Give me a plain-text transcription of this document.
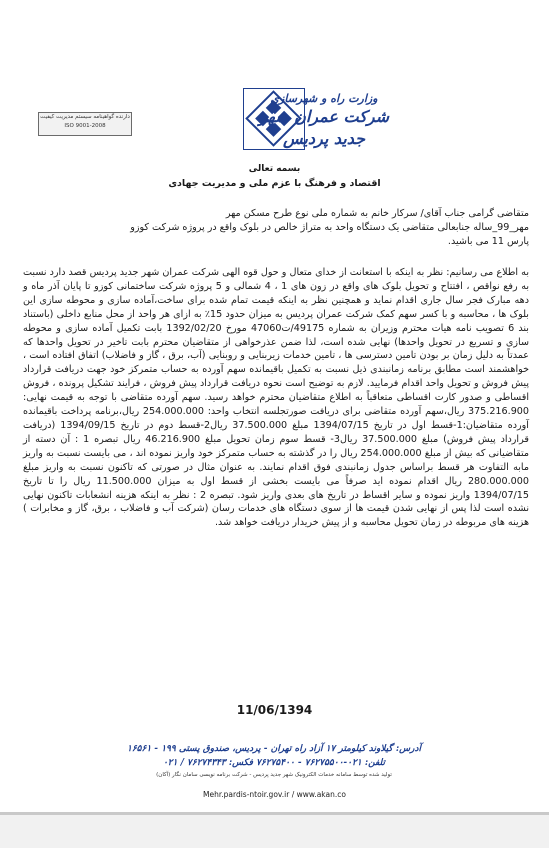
دارنده گواهینامه سیستم مدیریت کیفیت
ISO 9001-2008
وزارت راه و شهرسازی
شرکت عمران شهر جدید پردیس
بسمه تعالی
اقتصاد و فرهنگ با عزم ملی و مدیریت جهادی

متقاضی گرامی جناب آقای/ سرکار خانم به شماره ملی نوع طرح مسکن مهر

مهر_99_ساله جنابعالی متقاضی یک دستگاه واحد به متراژ خالص در بلوک واقع در پروژه شرکت کوزو

پارس 11 می باشید.

به اطلاع می رسانیم: نظر به اینکه با استعانت از خدای متعال و حول قوه الهی شرکت عمران شهر جدید پردیس قصد دارد نسبت به رفع نواقص ، افتتاح و تحویل بلوک های واقع در زون های 1 ، 4 شمالی و 5 پروژه شرکت ساختمانی کوزو تا پایان آذر ماه و دهه مبارک فجر سال جاری اقدام نماید و همچنین نظر به اینکه قیمت تمام شده برای ساخت،آماده سازی و محوطه سازی این بلوک ها ، محاسبه و با کسر سهم کمک شرکت عمران پردیس به میزان حدود 15٪ به ازای هر واحد از محل منابع داخلی (باستناد بند 6 تصویب نامه هیات محترم وزیران به شماره 49175/ت47060 مورخ 1392/02/20 بابت تکمیل آماده سازی و محوطه سازی و تسریع در تحویل واحدها) نهایی شده است، لذا ضمن عذرخواهی از متقاضیان محترم بابت تاخیر در تحویل واحدها که عمدتاً به دلیل زمان بر بودن تامین دسترسی ها ، تامین خدمات زیربنایی و روبنایی (آب، برق ، گاز و فاضلاب) اتفاق افتاده است ، خواهشمند است مطابق برنامه زمانبندی ذیل نسبت به تکمیل باقیمانده سهم آورده به حساب متمرکز خود جهت دریافت قرارداد پیش فروش و تحویل واحد اقدام فرمایید. لازم به توضیح است نحوه دریافت قرارداد پیش فروش ، فرایند تشکیل پرونده ، فروش اقساطی و صدور کارت اقساطی متعاقباً به اطلاع متقاضیان محترم خواهد رسید. سهم آورده متقاضی با توجه به قیمت نهایی: 375.216.900 ریال،سهم آورده متقاضی برای دریافت صورتجلسه انتخاب واحد: 254.000.000 ریال،برنامه پرداخت باقیمانده آورده متقاضیان:1-قسط اول در تاریخ 1394/07/15 مبلغ 37.500.000 ریال2-قسط دوم در تاریخ 1394/09/15 (دریافت قرارداد پیش فروش) مبلغ 37.500.000 ریال3- قسط سوم زمان تحویل مبلغ 46.216.900 ریال تبصره 1 : آن دسته از متقاضیانی که بیش از مبلغ 254.000.000 ریال را در گذشته به حساب متمرکز خود واریز نموده اند ، می بایست نسبت به واریز مابه التفاوت هر قسط براساس جدول زمانبندی فوق اقدام نمایند. به عنوان مثال در صورتی که تاکنون نسبت به واریز مبلغ 280.000.000 ریال اقدام نموده اید صرفاً می بایست بخشی از قسط اول به میزان 11.500.000 ریال را تا تاریخ 1394/07/15 واریز نموده و سایر اقساط در تاریخ های بعدی واریز شود. تبصره 2 : نظر به اینکه هزینه انشعابات تاکنون نهایی نشده است لذا پس از نهایی شدن قیمت ها از سوی دستگاه های خدمات رسان (شرکت آب و فاضلاب ، برق، گاز و مخابرات ) هزینه های مربوطه در زمان تحویل محاسبه و از پیش خریدار دریافت خواهد شد.

11/06/1394
آدرس: گیلاوند کیلومتر ۱۷ آزاد راه تهران - پردیس، صندوق پستی ۱۹۹ - ۱۶۵۶۱
تلفن: ۰۲۱-۷۶۲۷۵۵۰۰ - ۷۶۲۷۵۴۰۰ فکس: ۷۶۲۷۴۳۴۳ / ۰۲۱
تولید شده توسط سامانه خدمات الکترونیک شهر جدید پردیس - شرکت برنامه نویسی سامان نگار (آکان)
Mehr.pardis-ntoir.gov.ir / www.akan.co
